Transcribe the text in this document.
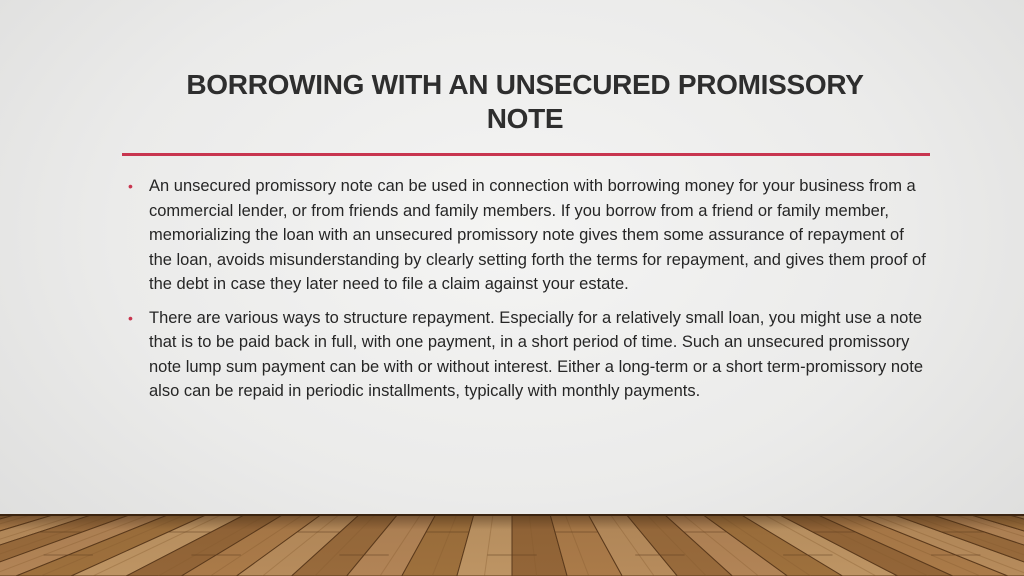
BORROWING WITH AN UNSECURED PROMISSORY NOTE
• An unsecured promissory note can be used in connection with borrowing money for your business from a commercial lender, or from friends and family members. If you borrow from a friend or family member, memorializing the loan with an unsecured promissory note gives them some assurance of repayment of the loan, avoids misunderstanding by clearly setting forth the terms for repayment, and gives them proof of the debt in case they later need to file a claim against your estate.
• There are various ways to structure repayment. Especially for a relatively small loan, you might use a note that is to be paid back in full, with one payment, in a short period of time. Such an unsecured promissory note lump sum payment can be with or without interest. Either a long-term or a short term-promissory note also can be repaid in periodic installments, typically with monthly payments.
